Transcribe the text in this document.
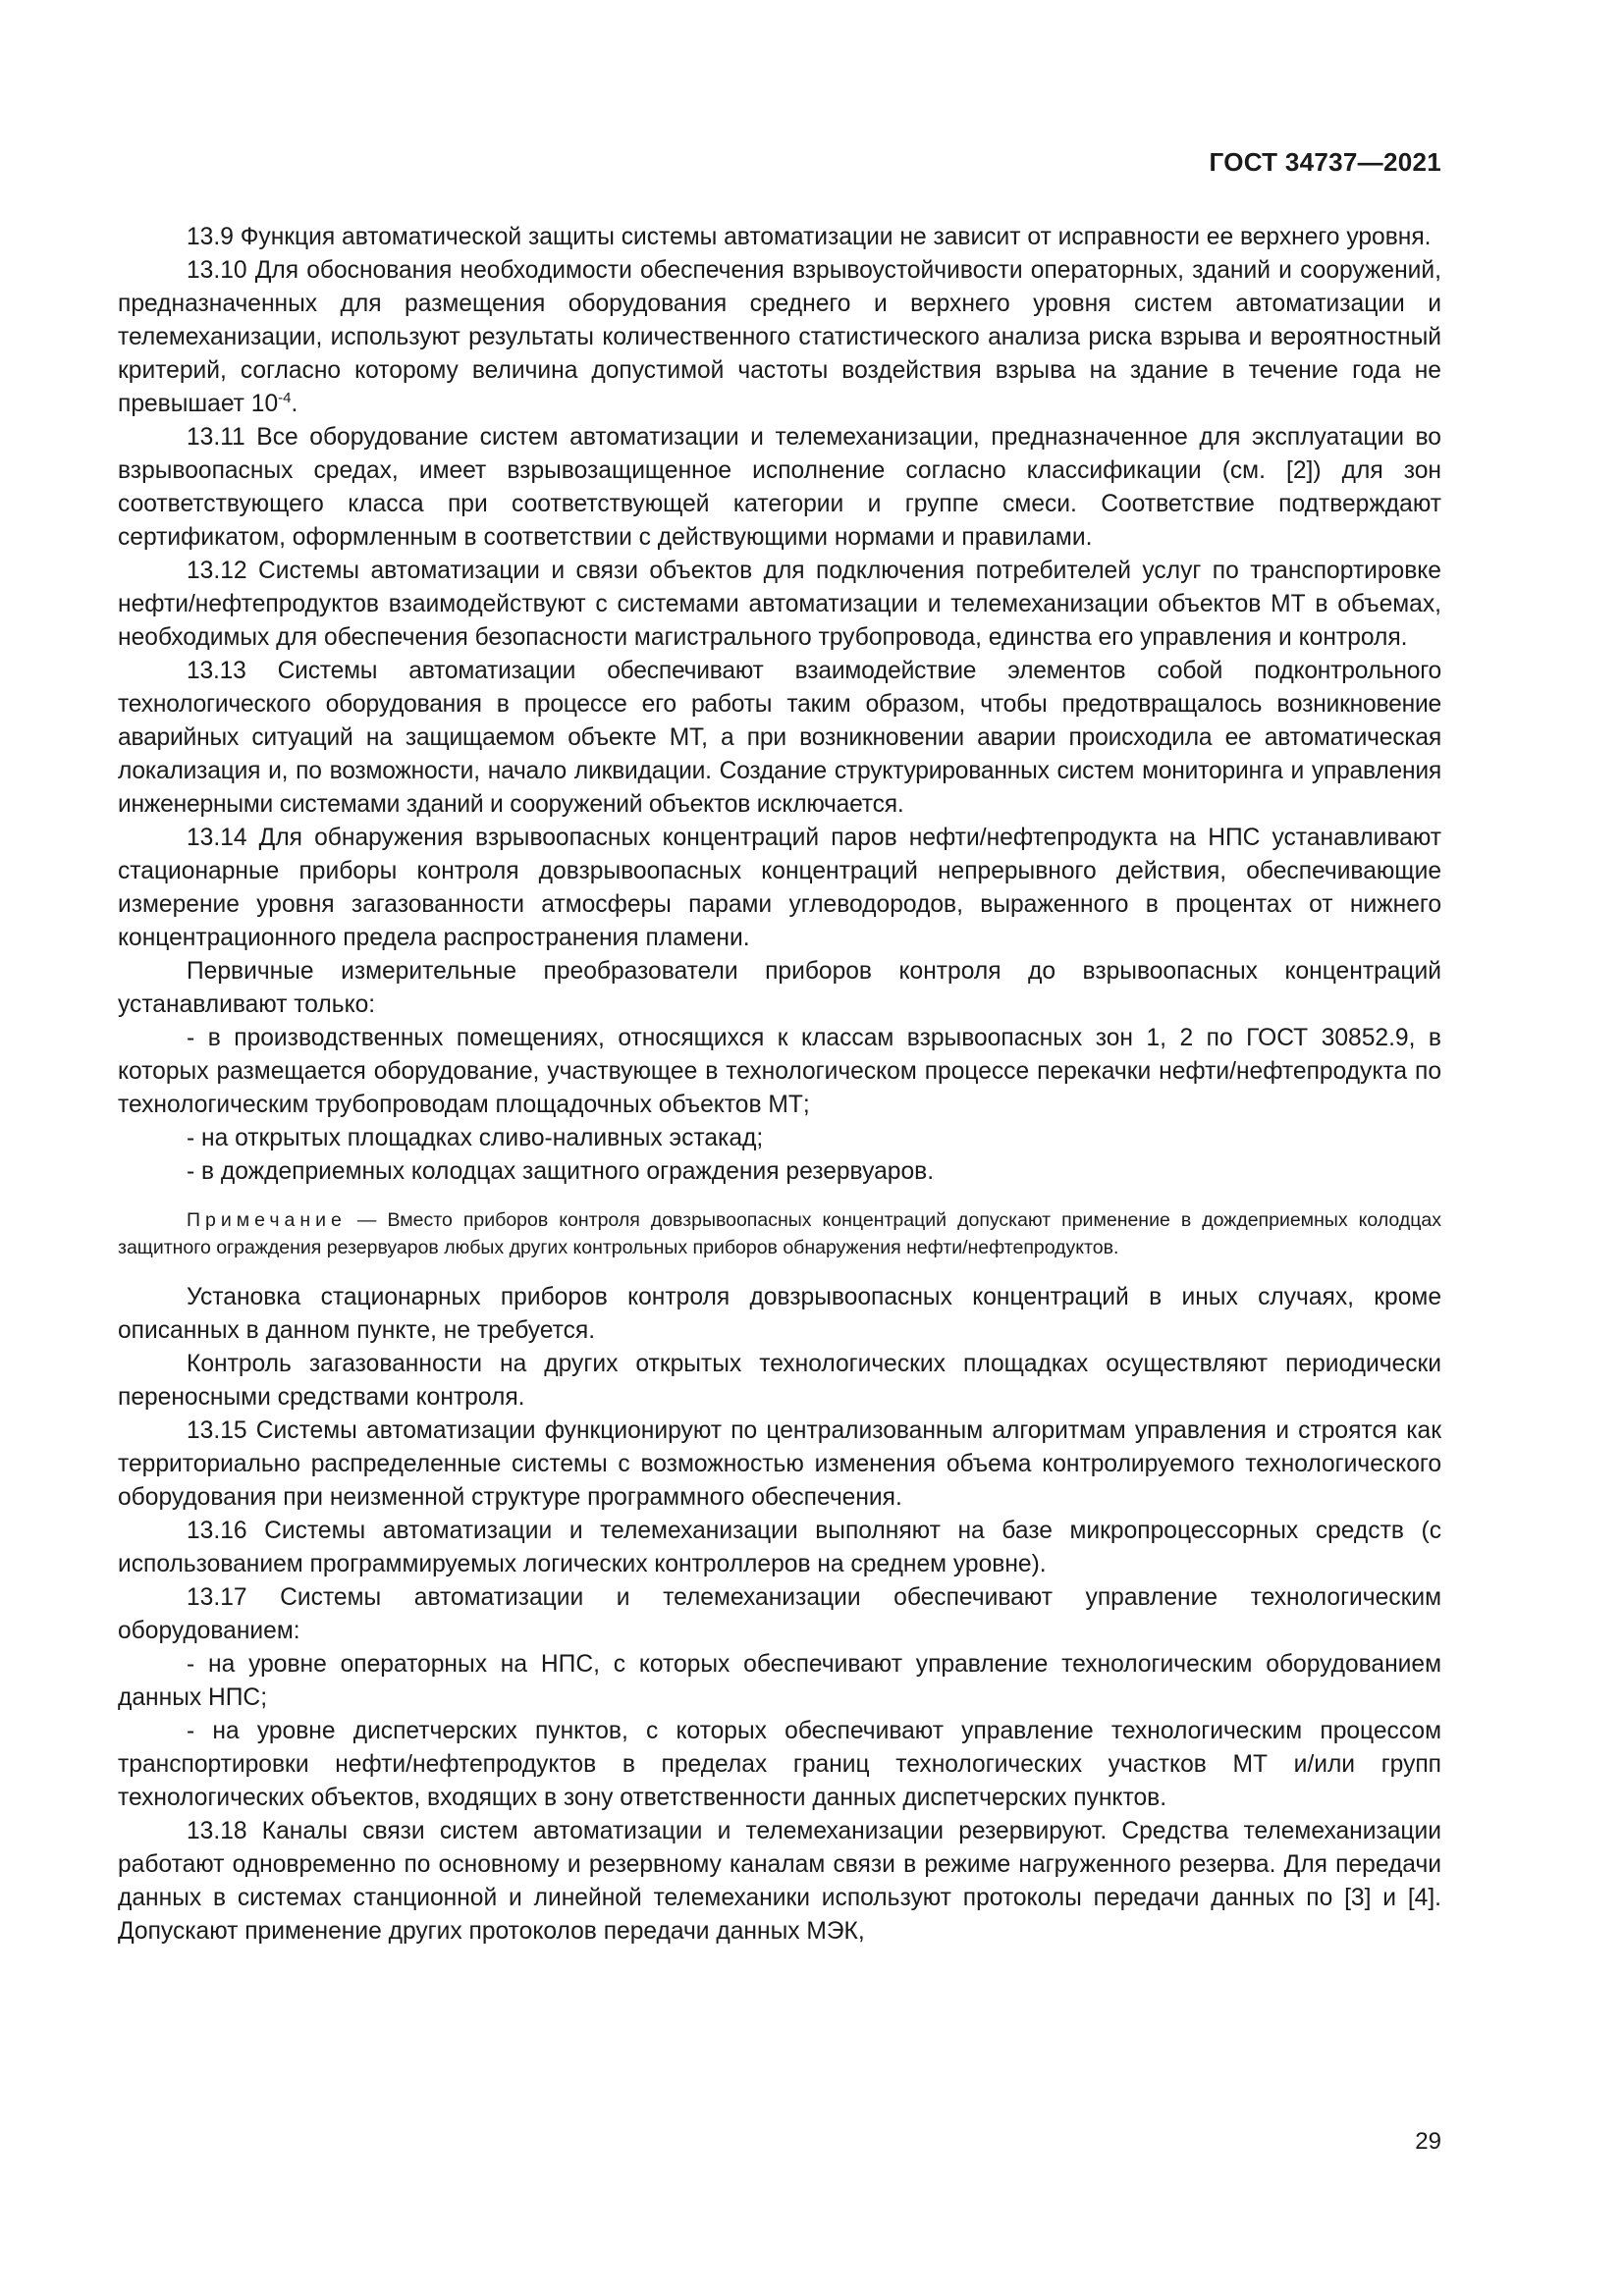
ГОСТ 34737—2021

13.9 Функция автоматической защиты системы автоматизации не зависит от исправности ее верхнего уровня.

13.10 Для обоснования необходимости обеспечения взрывоустойчивости операторных, зданий и сооружений, предназначенных для размещения оборудования среднего и верхнего уровня систем автоматизации и телемеханизации, используют результаты количественного статистического анализа риска взрыва и вероятностный критерий, согласно которому величина допустимой частоты воздействия взрыва на здание в течение года не превышает $10^{-4}$.

13.11 Все оборудование систем автоматизации и телемеханизации, предназначенное для эксплуатации во взрывоопасных средах, имеет взрывозащищенное исполнение согласно классификации (см. [2]) для зон соответствующего класса при соответствующей категории и группе смеси. Соответствие подтверждают сертификатом, оформленным в соответствии с действующими нормами и правилами.

13.12 Системы автоматизации и связи объектов для подключения потребителей услуг по транспортировке нефти/нефтепродуктов взаимодействуют с системами автоматизации и телемеханизации объектов МТ в объемах, необходимых для обеспечения безопасности магистрального трубопровода, единства его управления и контроля.

13.13 Системы автоматизации обеспечивают взаимодействие элементов собой подконтрольного технологического оборудования в процессе его работы таким образом, чтобы предотвращалось возникновение аварийных ситуаций на защищаемом объекте МТ, а при возникновении аварии происходила ее автоматическая локализация и, по возможности, начало ликвидации. Создание структурированных систем мониторинга и управления инженерными системами зданий и сооружений объектов исключается.

13.14 Для обнаружения взрывоопасных концентраций паров нефти/нефтепродукта на НПС устанавливают стационарные приборы контроля довзрывоопасных концентраций непрерывного действия, обеспечивающие измерение уровня загазованности атмосферы парами углеводородов, выраженного в процентах от нижнего концентрационного предела распространения пламени.

Первичные измерительные преобразователи приборов контроля до взрывоопасных концентраций устанавливают только:

- в производственных помещениях, относящихся к классам взрывоопасных зон 1, 2 по ГОСТ 30852.9, в которых размещается оборудование, участвующее в технологическом процессе перекачки нефти/нефтепродукта по технологическим трубопроводам площадочных объектов МТ;

- на открытых площадках сливо-наливных эстакад;

- в дождеприемных колодцах защитного ограждения резервуаров.

Примечание — Вместо приборов контроля довзрывоопасных концентраций допускают применение в дождеприемных колодцах защитного ограждения резервуаров любых других контрольных приборов обнаружения нефти/нефтепродуктов.

Установка стационарных приборов контроля довзрывоопасных концентраций в иных случаях, кроме описанных в данном пункте, не требуется.

Контроль загазованности на других открытых технологических площадках осуществляют периодически переносными средствами контроля.

13.15 Системы автоматизации функционируют по централизованным алгоритмам управления и строятся как территориально распределенные системы с возможностью изменения объема контролируемого технологического оборудования при неизменной структуре программного обеспечения.

13.16 Системы автоматизации и телемеханизации выполняют на базе микропроцессорных средств (с использованием программируемых логических контроллеров на среднем уровне).

13.17 Системы автоматизации и телемеханизации обеспечивают управление технологическим оборудованием:

- на уровне операторных на НПС, с которых обеспечивают управление технологическим оборудованием данных НПС;

- на уровне диспетчерских пунктов, с которых обеспечивают управление технологическим процессом транспортировки нефти/нефтепродуктов в пределах границ технологических участков МТ и/или групп технологических объектов, входящих в зону ответственности данных диспетчерских пунктов.

13.18 Каналы связи систем автоматизации и телемеханизации резервируют. Средства телемеханизации работают одновременно по основному и резервному каналам связи в режиме нагруженного резерва. Для передачи данных в системах станционной и линейной телемеханики используют протоколы передачи данных по [3] и [4]. Допускают применение других протоколов передачи данных МЭК,

29
